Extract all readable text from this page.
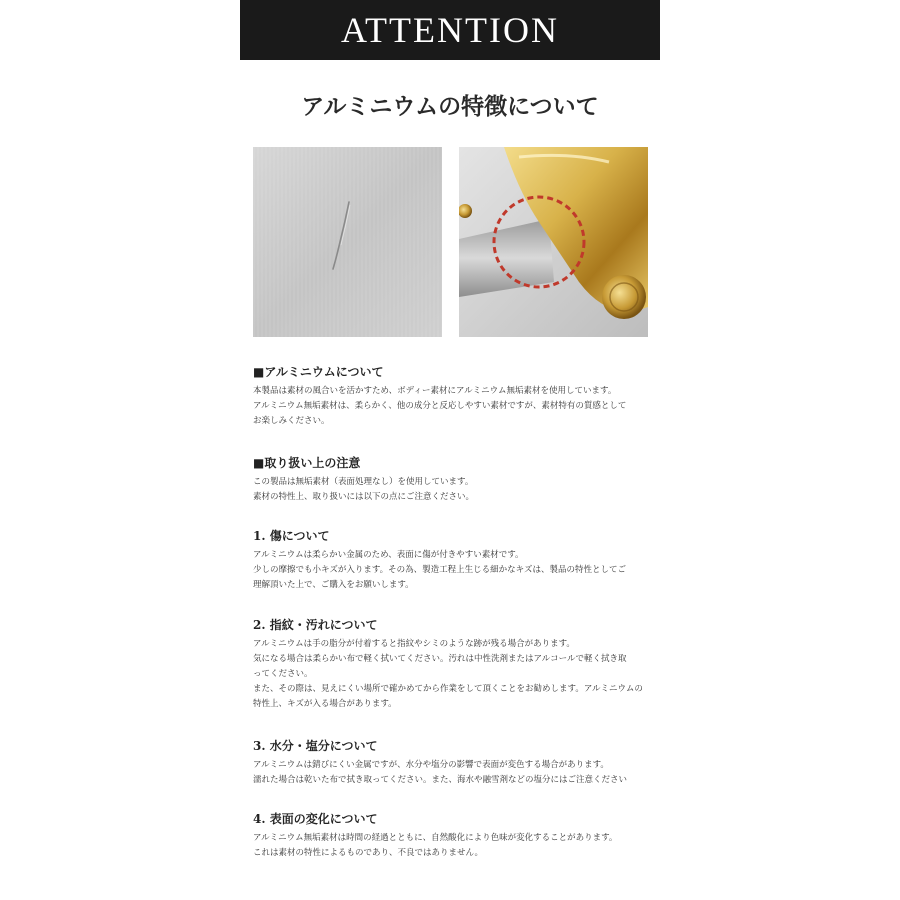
ATTENTION
アルミニウムの特徴について
■アルミニウムについて
本製品は素材の風合いを活かすため、ボディー素材にアルミニウム無垢素材を使用しています。
アルミニウム無垢素材は、柔らかく、他の成分と反応しやすい素材ですが、素材特有の質感として
お楽しみください。
■取り扱い上の注意
この製品は無垢素材（表面処理なし）を使用しています。
素材の特性上、取り扱いには以下の点にご注意ください。
1. 傷について
アルミニウムは柔らかい金属のため、表面に傷が付きやすい素材です。
少しの摩擦でも小キズが入ります。その為、製造工程上生じる細かなキズは、製品の特性としてご
理解頂いた上で、ご購入をお願いします。
2. 指紋・汚れについて
アルミニウムは手の脂分が付着すると指紋やシミのような跡が残る場合があります。
気になる場合は柔らかい布で軽く拭いてください。汚れは中性洗剤またはアルコールで軽く拭き取
ってください。
また、その際は、見えにくい場所で確かめてから作業をして頂くことをお勧めします。アルミニウムの
特性上、キズが入る場合があります。
3. 水分・塩分について
アルミニウムは錆びにくい金属ですが、水分や塩分の影響で表面が変色する場合があります。
濡れた場合は乾いた布で拭き取ってください。また、海水や融雪剤などの塩分にはご注意ください
4. 表面の変化について
アルミニウム無垢素材は時間の経過とともに、自然酸化により色味が変化することがあります。
これは素材の特性によるものであり、不良ではありません。
